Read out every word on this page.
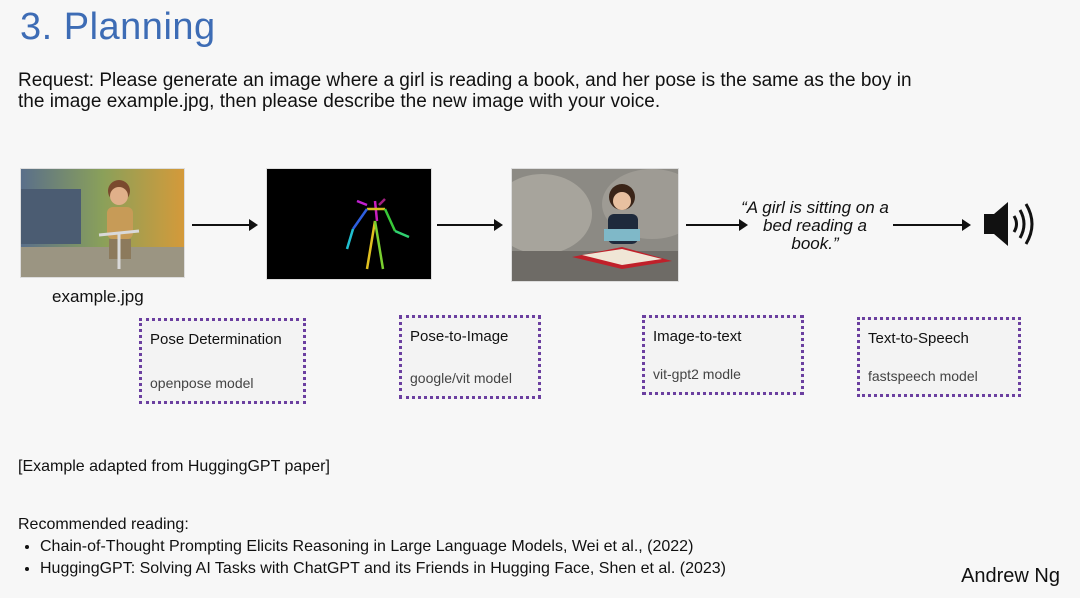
3. Planning
Request: Please generate an image where a girl is reading a book, and her pose is the same as the boy in the image example.jpg, then please describe the new image with your voice.
example.jpg
“A girl is sitting on a bed reading a book.”
Pose Determination
openpose model
Pose-to-Image
google/vit model
Image-to-text
vit-gpt2 modle
Text-to-Speech
fastspeech model
[Example adapted from HuggingGPT paper]
Recommended reading:
• Chain-of-Thought Prompting Elicits Reasoning in Large Language Models, Wei et al., (2022)
• HuggingGPT: Solving AI Tasks with ChatGPT and its Friends in Hugging Face, Shen et al. (2023)	Andrew Ng
